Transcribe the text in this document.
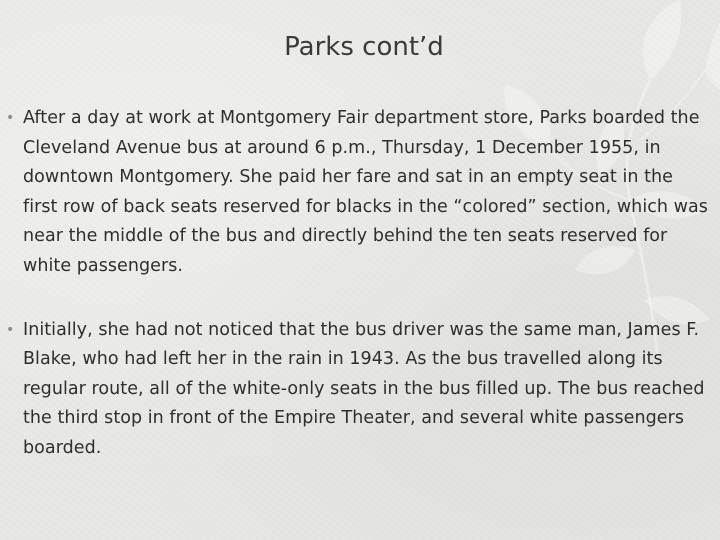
Parks cont’d
• After a day at work at Montgomery Fair department store, Parks boarded the Cleveland Avenue bus at around 6 p.m., Thursday, 1 December 1955, in downtown Montgomery. She paid her fare and sat in an empty seat in the first row of back seats reserved for blacks in the “colored” section, which was near the middle of the bus and directly behind the ten seats reserved for white passengers.
• Initially, she had not noticed that the bus driver was the same man, James F. Blake, who had left her in the rain in 1943. As the bus travelled along its regular route, all of the white-only seats in the bus filled up. The bus reached the third stop in front of the Empire Theater, and several white passengers boarded.
